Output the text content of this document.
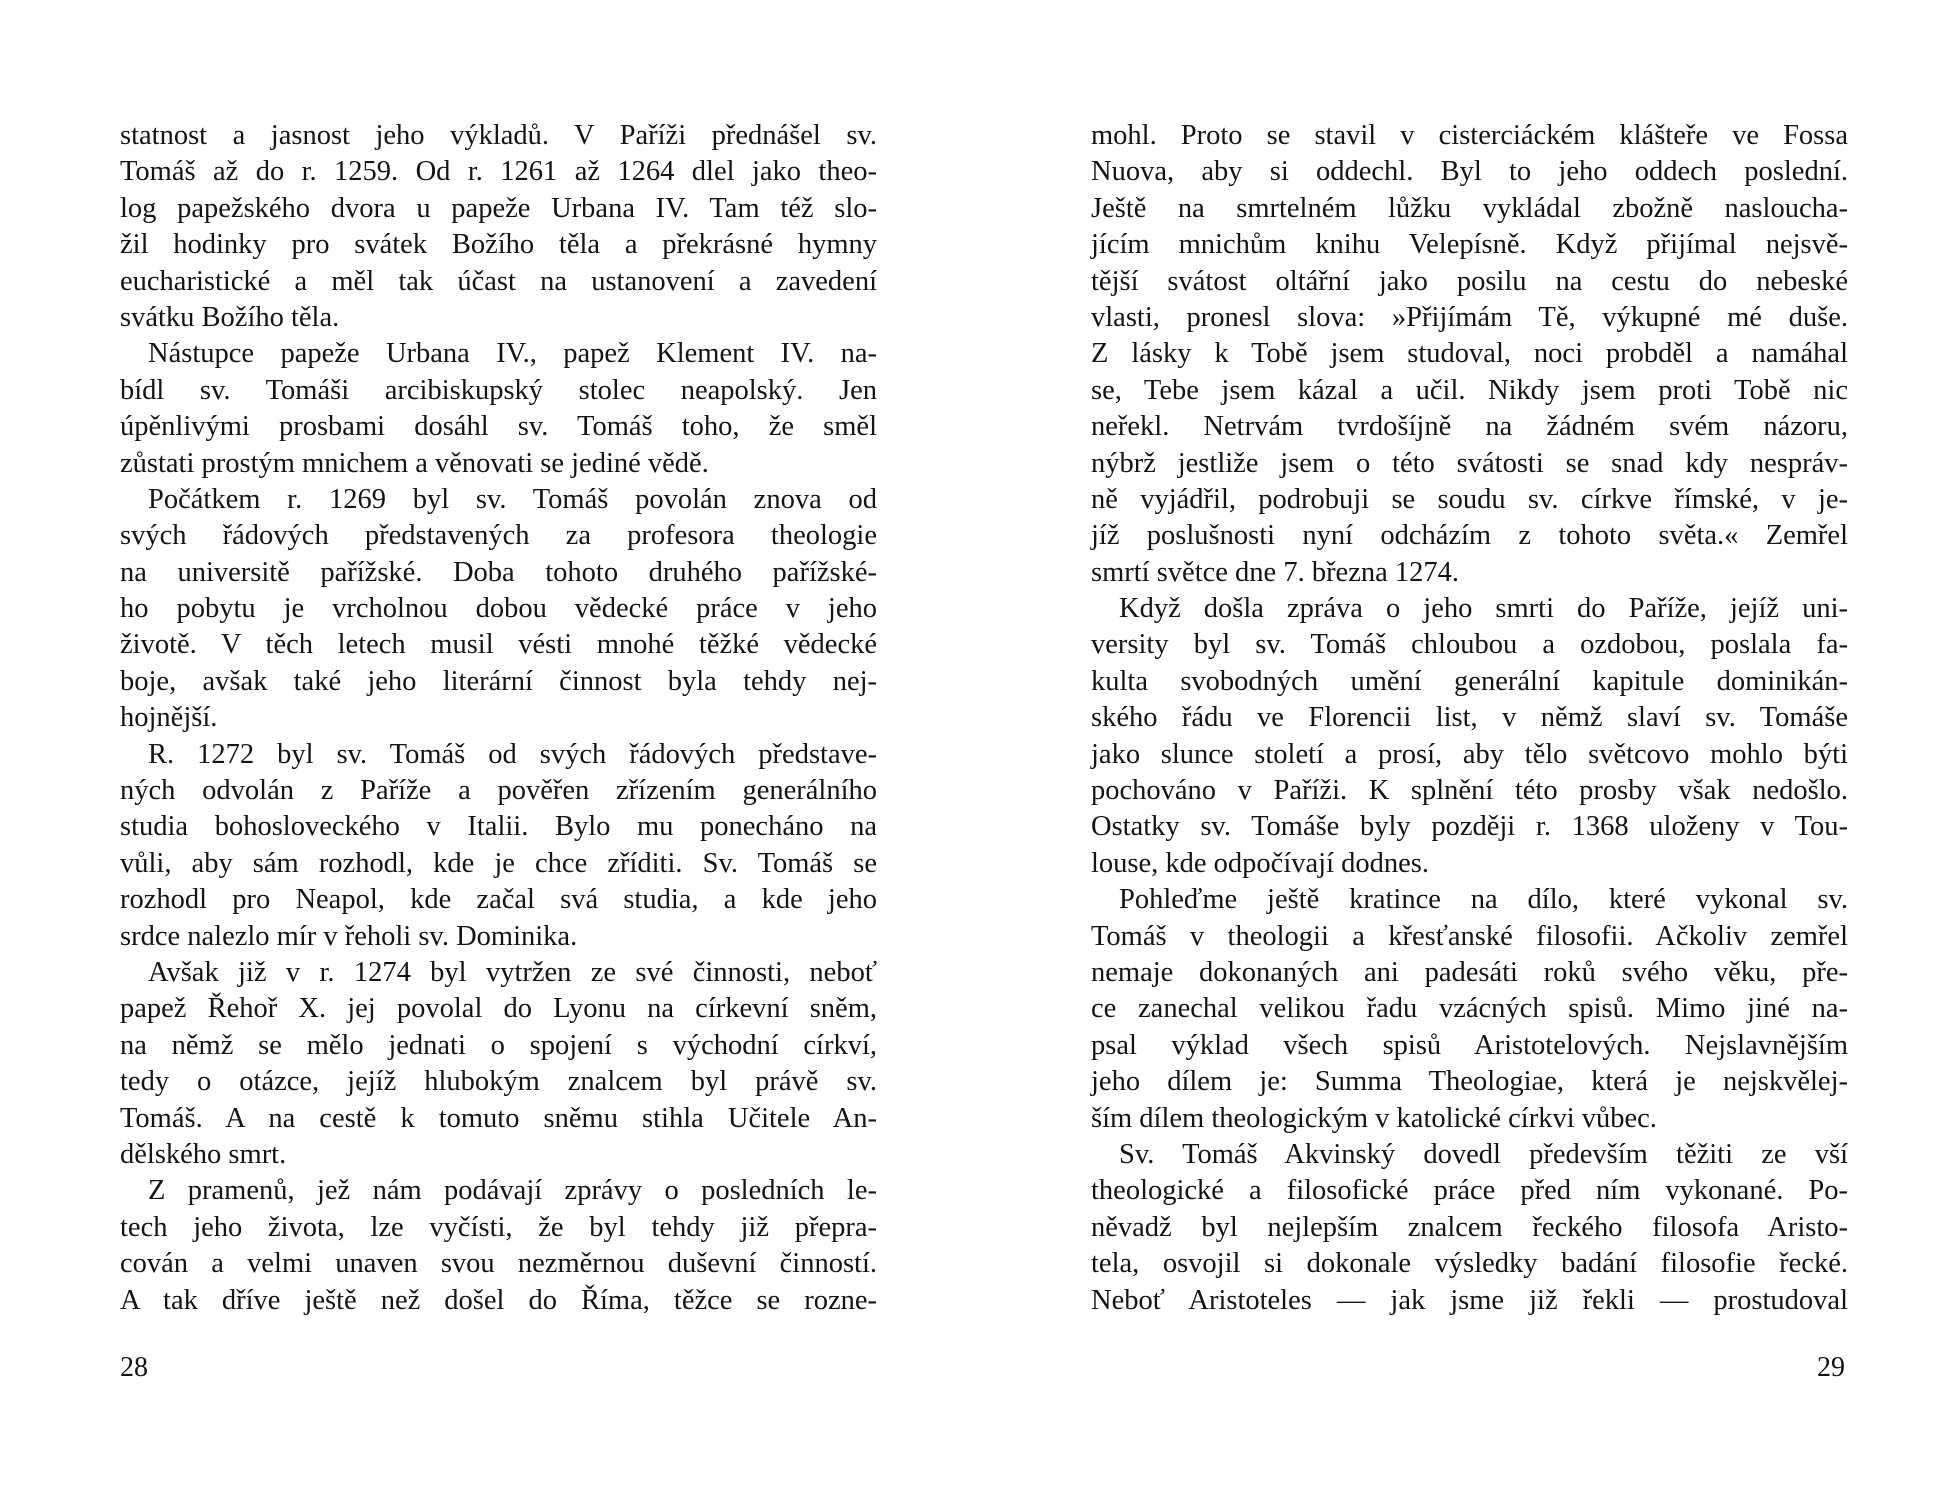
statnost a jasnost jeho výkladů. V Paříži přednášel sv.
Tomáš až do r. 1259. Od r. 1261 až 1264 dlel jako theo-
log papežského dvora u papeže Urbana IV. Tam též slo-
žil hodinky pro svátek Božího těla a překrásné hymny
eucharistické a měl tak účast na ustanovení a zavedení
svátku Božího těla.
Nástupce papeže Urbana IV., papež Klement IV. na-
bídl sv. Tomáši arcibiskupský stolec neapolský. Jen
úpěnlivými prosbami dosáhl sv. Tomáš toho, že směl
zůstati prostým mnichem a věnovati se jediné vědě.
Počátkem r. 1269 byl sv. Tomáš povolán znova od
svých řádových představených za profesora theologie
na universitě pařížské. Doba tohoto druhého pařížské-
ho pobytu je vrcholnou dobou vědecké práce v jeho
životě. V těch letech musil vésti mnohé těžké vědecké
boje, avšak také jeho literární činnost byla tehdy nej-
hojnější.
R. 1272 byl sv. Tomáš od svých řádových představe-
ných odvolán z Paříže a pověřen zřízením generálního
studia bohosloveckého v Italii. Bylo mu ponecháno na
vůli, aby sám rozhodl, kde je chce zříditi. Sv. Tomáš se
rozhodl pro Neapol, kde začal svá studia, a kde jeho
srdce nalezlo mír v řeholi sv. Dominika.
Avšak již v r. 1274 byl vytržen ze své činnosti, neboť
papež Řehoř X. jej povolal do Lyonu na církevní sněm,
na němž se mělo jednati o spojení s východní církví,
tedy o otázce, jejíž hlubokým znalcem byl právě sv.
Tomáš. A na cestě k tomuto sněmu stihla Učitele An-
dělského smrt.
Z pramenů, jež nám podávají zprávy o posledních le-
tech jeho života, lze vyčísti, že byl tehdy již přepra-
cován a velmi unaven svou nezměrnou duševní činností.
A tak dříve ještě než došel do Říma, těžce se rozne-
mohl. Proto se stavil v cisterciáckém klášteře ve Fossa
Nuova, aby si oddechl. Byl to jeho oddech poslední.
Ještě na smrtelném lůžku vykládal zbožně nasloucha-
jícím mnichům knihu Velepísně. Když přijímal nejsvě-
tější svátost oltářní jako posilu na cestu do nebeské
vlasti, pronesl slova: »Přijímám Tě, výkupné mé duše.
Z lásky k Tobě jsem studoval, noci probděl a namáhal
se, Tebe jsem kázal a učil. Nikdy jsem proti Tobě nic
neřekl. Netrvám tvrdošíjně na žádném svém názoru,
nýbrž jestliže jsem o této svátosti se snad kdy nespráv-
ně vyjádřil, podrobuji se soudu sv. církve římské, v je-
jíž poslušnosti nyní odcházím z tohoto světa.« Zemřel
smrtí světce dne 7. března 1274.
Když došla zpráva o jeho smrti do Paříže, jejíž uni-
versity byl sv. Tomáš chloubou a ozdobou, poslala fa-
kulta svobodných umění generální kapitule dominikán-
ského řádu ve Florencii list, v němž slaví sv. Tomáše
jako slunce století a prosí, aby tělo světcovo mohlo býti
pochováno v Paříži. K splnění této prosby však nedošlo.
Ostatky sv. Tomáše byly později r. 1368 uloženy v Tou-
louse, kde odpočívají dodnes.
Pohleďme ještě kratince na dílo, které vykonal sv.
Tomáš v theologii a křesťanské filosofii. Ačkoliv zemřel
nemaje dokonaných ani padesáti roků svého věku, pře-
ce zanechal velikou řadu vzácných spisů. Mimo jiné na-
psal výklad všech spisů Aristotelových. Nejslavnějším
jeho dílem je: Summa Theologiae, která je nejskvělej-
ším dílem theologickým v katolické církvi vůbec.
Sv. Tomáš Akvinský dovedl především těžiti ze vší
theologické a filosofické práce před ním vykonané. Po-
něvadž byl nejlepším znalcem řeckého filosofa Aristo-
tela, osvojil si dokonale výsledky badání filosofie řecké.
Neboť Aristoteles — jak jsme již řekli — prostudoval
28	29
